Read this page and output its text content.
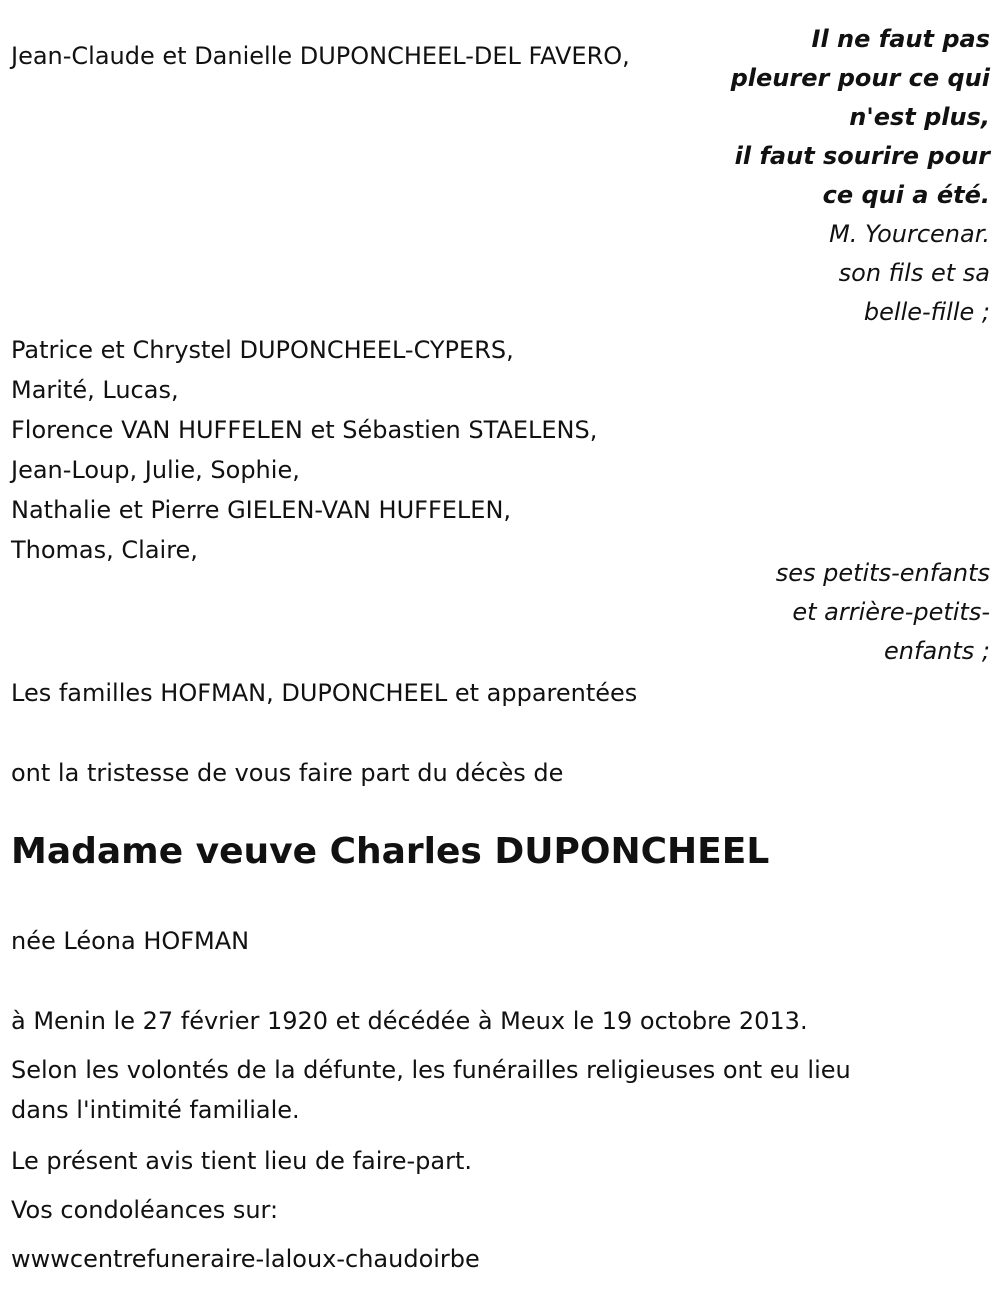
Jean-Claude et Danielle DUPONCHEEL-DEL FAVERO,
Il ne faut pas
pleurer pour ce qui
n'est plus,
il faut sourire pour
ce qui a été.
M. Yourcenar.
son fils et sa
belle-fille ;
Patrice et Chrystel DUPONCHEEL-CYPERS,
Marité, Lucas,
Florence VAN HUFFELEN et Sébastien STAELENS,
Jean-Loup, Julie, Sophie,
Nathalie et Pierre GIELEN-VAN HUFFELEN,
Thomas, Claire,
ses petits-enfants
et arrière-petits-
enfants ;
Les familles HOFMAN, DUPONCHEEL et apparentées
ont la tristesse de vous faire part du décès de
Madame veuve Charles DUPONCHEEL
née Léona HOFMAN
à Menin le 27 février 1920 et décédée à Meux le 19 octobre 2013.
Selon les volontés de la défunte, les funérailles religieuses ont eu lieu
dans l'intimité familiale.
Le présent avis tient lieu de faire-part.
Vos condoléances sur:
wwwcentrefuneraire-laloux-chaudoirbe
